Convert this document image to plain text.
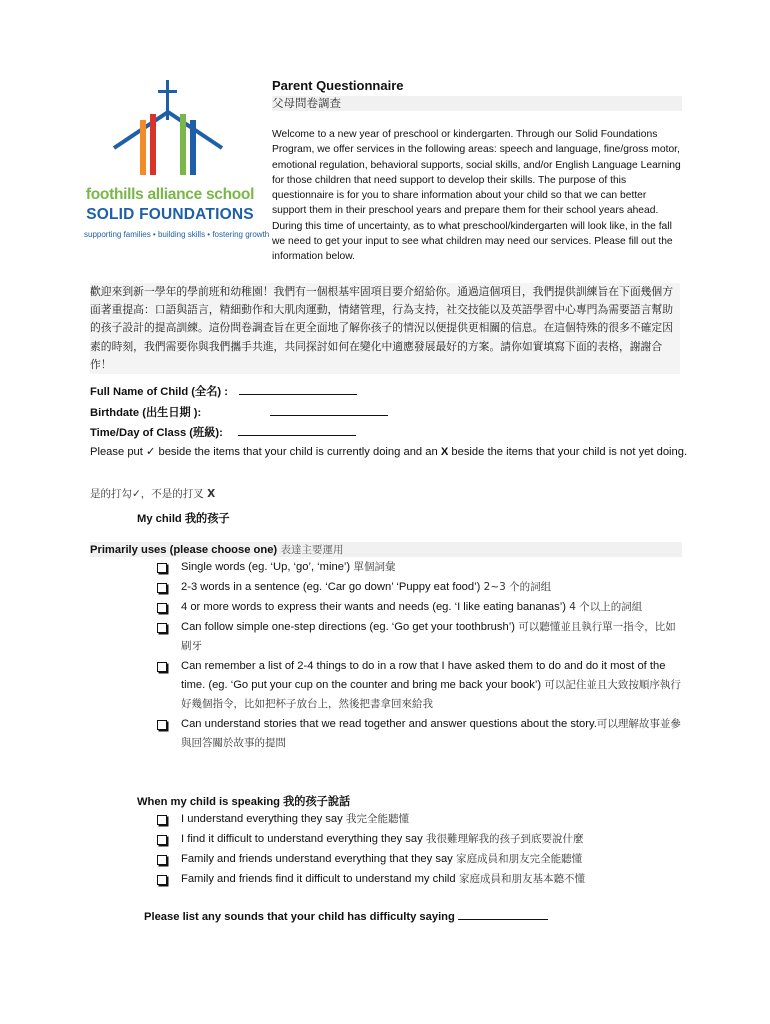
foothills alliance school
SOLID FOUNDATIONS
supporting families • building skills • fostering growth
Parent Questionnaire
父母問卷調查
Welcome to a new year of preschool or kindergarten. Through our Solid Foundations Program, we offer services in the following areas: speech and language, fine/gross motor, emotional regulation, behavioral supports, social skills, and/or English Language Learning for those children that need support to develop their skills. The purpose of this questionnaire is for you to share information about your child so that we can better support them in their preschool years and prepare them for their school years ahead. During this time of uncertainty, as to what preschool/kindergarten will look like, in the fall we need to get your input to see what children may need our services. Please fill out the information below.
歡迎來到新一學年的學前班和幼稚園！我們有一個根基牢固項目要介紹給你。通過這個項目，我們提供訓練旨在下面幾個方面著重提高：口語與語言，精細動作和大肌肉運動，情緒管理，行為支持，社交技能以及英語學習中心專門為需要語言幫助的孩子設計的提高訓練。這份問卷調查旨在更全面地了解你孩子的情況以便提供更相關的信息。在這個特殊的很多不確定因素的時刻，我們需要你與我們攜手共進，共同探討如何在變化中適應發展最好的方案。請你如實填寫下面的表格，謝謝合作！
Full Name of Child (全名) :
Birthdate (出生日期 ):
Time/Day of Class (班級):
Please put ✓ beside the items that your child is currently doing and an X beside the items that your child is not yet doing.
是的打勾✓，不是的打叉 X
My child 我的孩子
Primarily uses (please choose one) 表達主要運用
Single words (eg. ‘Up, ‘go’, ‘mine’) 單個詞彙
2-3 words in a sentence (eg. ‘Car go down’ ‘Puppy eat food’) 2~3 个的詞组
4 or more words to express their wants and needs (eg. ‘I like eating bananas’) 4 个以上的詞組
Can follow simple one-step directions (eg. ‘Go get your toothbrush’) 可以聽懂並且執行單一指令，比如刷牙
Can remember a list of 2-4 things to do in a row that I have asked them to do and do it most of the time. (eg. ‘Go put your cup on the counter and bring me back your book’) 可以記住並且大致按順序執行好幾個指令，比如把杯子放台上，然後把書拿回來給我
Can understand stories that we read together and answer questions about the story.可以理解故事並參與回答關於故事的提問
When my child is speaking 我的孩子說話
I understand everything they say 我完全能聽懂
I find it difficult to understand everything they say 我很難理解我的孩子到底要說什麼
Family and friends understand everything that they say 家庭成員和朋友完全能聽懂
Family and friends find it difficult to understand my child 家庭成員和朋友基本聽不懂
Please list any sounds that your child has difficulty saying
